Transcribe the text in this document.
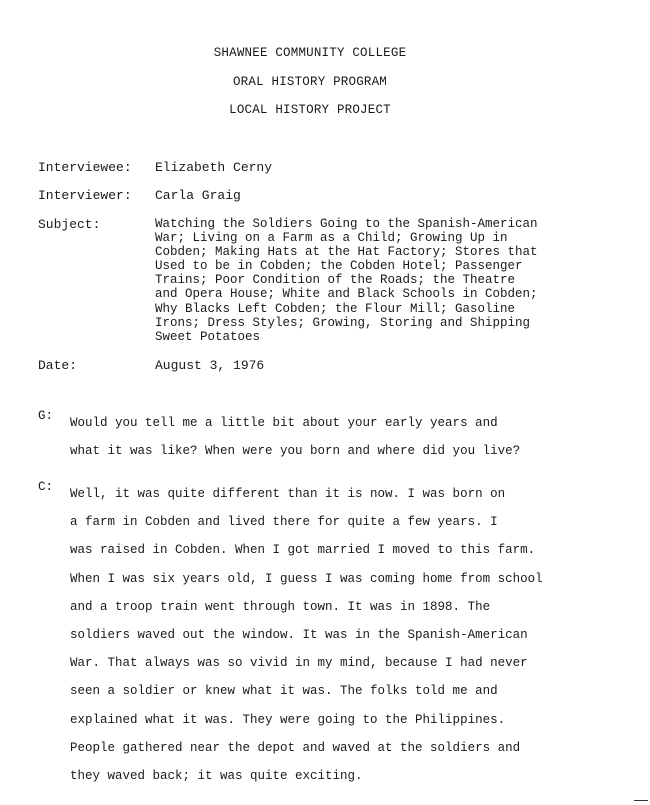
SHAWNEE COMMUNITY COLLEGE
ORAL HISTORY PROGRAM
LOCAL HISTORY PROJECT
Interviewee: Elizabeth Cerny
Interviewer: Carla Graig
Subject:	Watching the Soldiers Going to the Spanish-American
War; Living on a Farm as a Child; Growing Up in
Cobden; Making Hats at the Hat Factory; Stores that
Used to be in Cobden; the Cobden Hotel; Passenger
Trains; Poor Condition of the Roads; the Theatre
and Opera House; White and Black Schools in Cobden;
Why Blacks Left Cobden; the Flour Mill; Gasoline
Irons; Dress Styles; Growing, Storing and Shipping
Sweet Potatoes
Date:	August 3, 1976
G: Would you tell me a little bit about your early years and
what it was like? When were you born and where did you live?
C: Well, it was quite different than it is now. I was born on
a farm in Cobden and lived there for quite a few years. I
was raised in Cobden. When I got married I moved to this farm.
When I was six years old, I guess I was coming home from school
and a troop train went through town. It was in 1898. The
soldiers waved out the window. It was in the Spanish-American
War. That always was so vivid in my mind, because I had never
seen a soldier or knew what it was. The folks told me and
explained what it was. They were going to the Philippines.
People gathered near the depot and waved at the soldiers and
they waved back; it was quite exciting.
